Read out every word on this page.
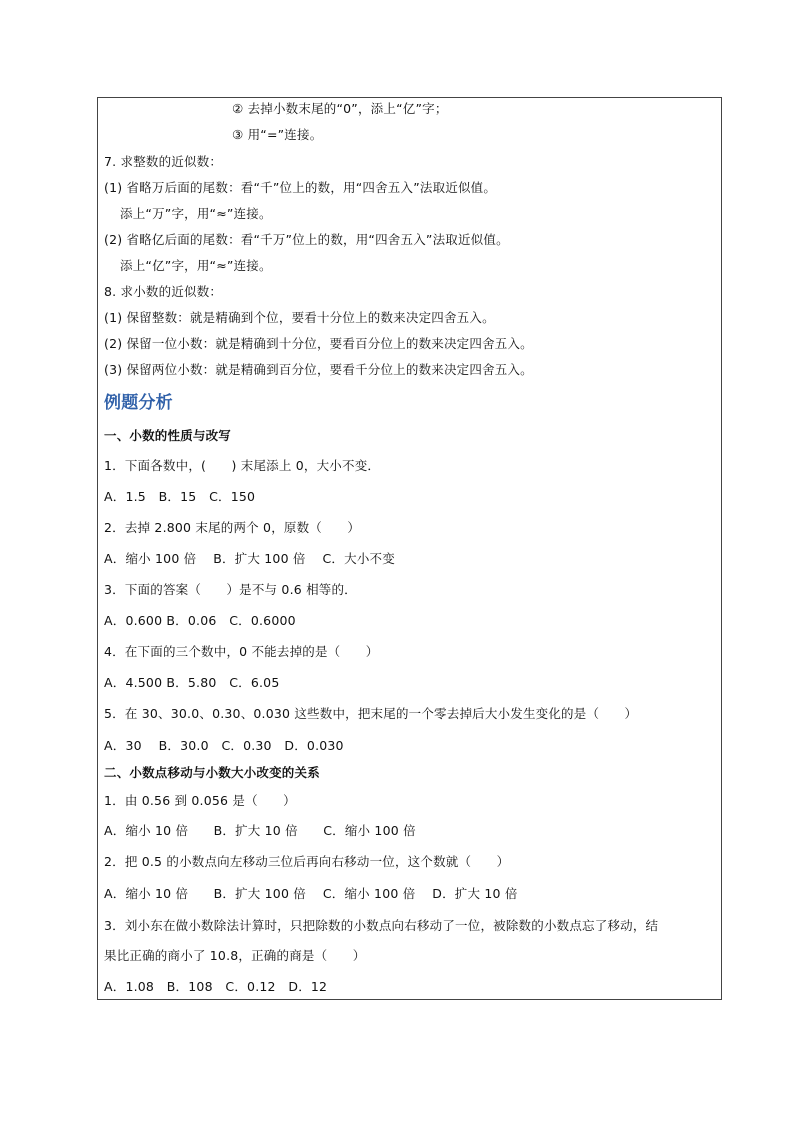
② 去掉小数末尾的“0”，添上“亿”字；
③ 用“=”连接。
7. 求整数的近似数：
(1) 省略万后面的尾数：看“千”位上的数，用“四舍五入”法取近似值。
添上“万”字，用“≈”连接。
(2) 省略亿后面的尾数：看“千万”位上的数，用“四舍五入”法取近似值。
添上“亿”字，用“≈”连接。
8. 求小数的近似数：
(1) 保留整数：就是精确到个位，要看十分位上的数来决定四舍五入。
(2) 保留一位小数：就是精确到十分位，要看百分位上的数来决定四舍五入。
(3) 保留两位小数：就是精确到百分位，要看千分位上的数来决定四舍五入。
例题分析
一、小数的性质与改写
1．下面各数中，(　　) 末尾添上 0，大小不变．
A．1.5　B．15　C．150
2．去掉 2.800 末尾的两个 0，原数（　　）
A．缩小 100 倍　 B．扩大 100 倍　 C．大小不变
3．下面的答案（　　）是不与 0.6 相等的．
A．0.600 B．0.06　C．0.6000
4．在下面的三个数中，0 不能去掉的是（　　）
A．4.500 B．5.80　C．6.05
5．在 30、30.0、0.30、0.030 这些数中，把末尾的一个零去掉后大小发生变化的是（　　）
A．30　 B．30.0　C．0.30　D．0.030
二、小数点移动与小数大小改变的关系
1．由 0.56 到 0.056 是（　　）
A．缩小 10 倍　　B．扩大 10 倍　　C．缩小 100 倍
2．把 0.5 的小数点向左移动三位后再向右移动一位，这个数就（　　）
A．缩小 10 倍　　B．扩大 100 倍　 C．缩小 100 倍　 D．扩大 10 倍
3．刘小东在做小数除法计算时，只把除数的小数点向右移动了一位，被除数的小数点忘了移动，结
果比正确的商小了 10.8，正确的商是（　　）
A．1.08　B．108　C．0.12　D．12
